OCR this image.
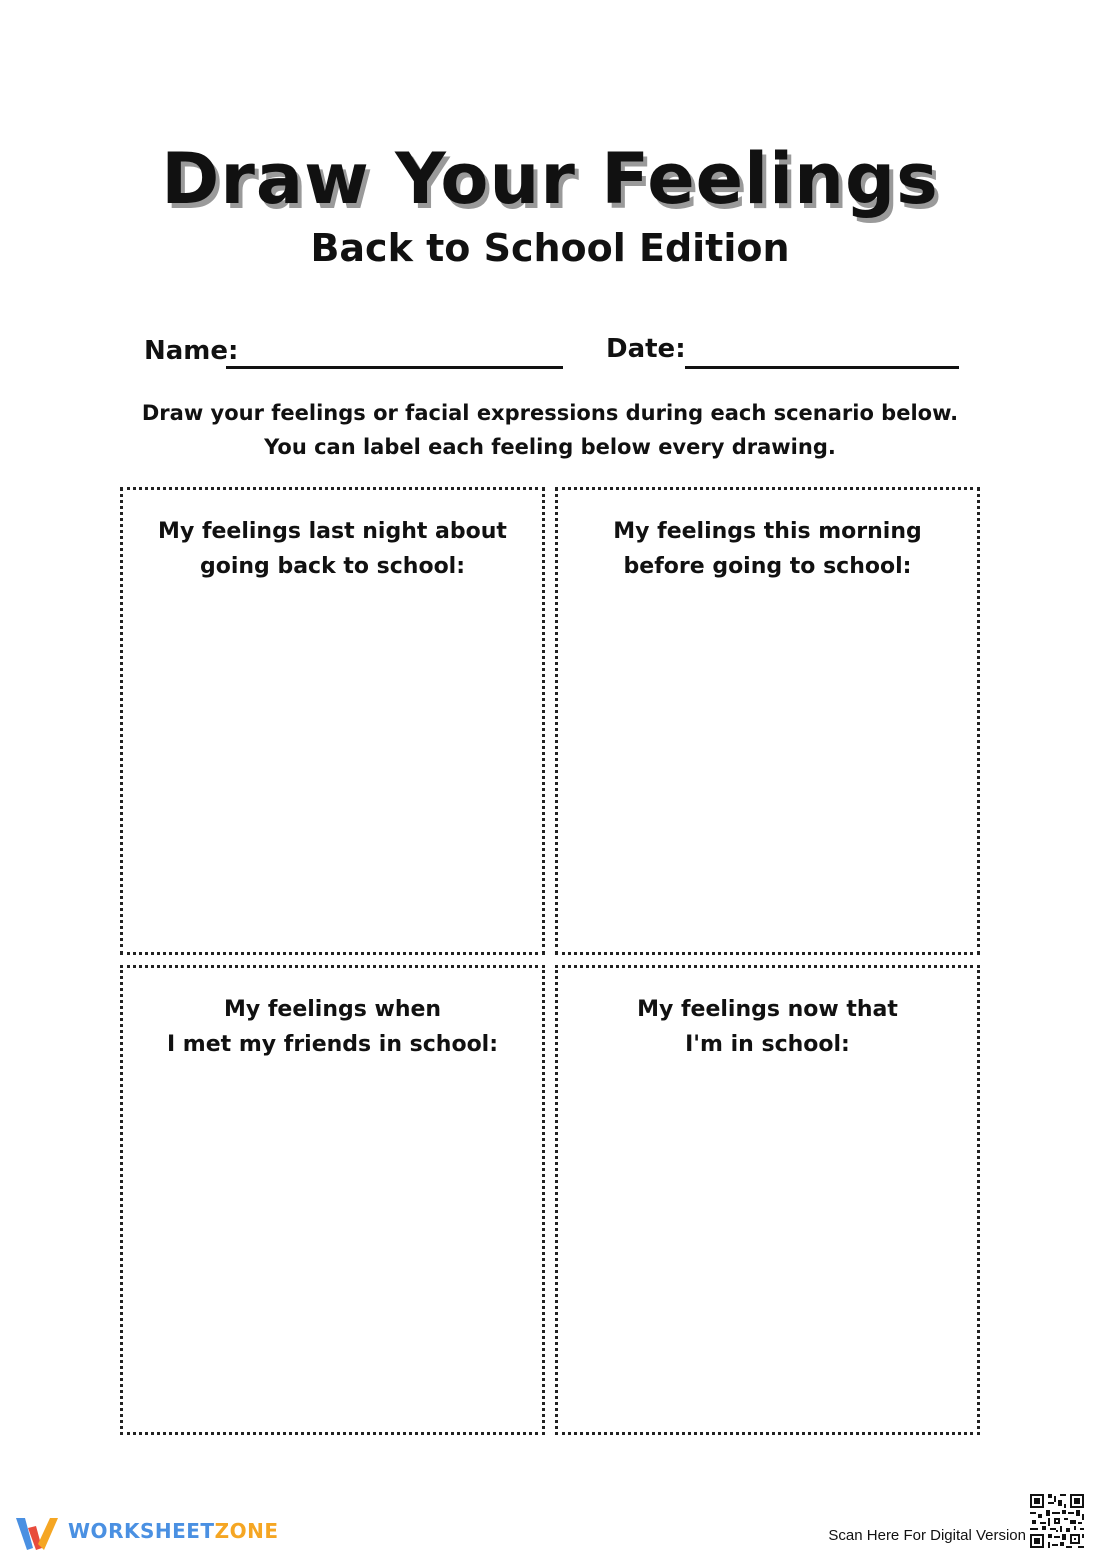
Draw Your Feelings
Back to School Edition
Name:	Date:

Draw your feelings or facial expressions during each scenario below. You can label each feeling below every drawing.

My feelings last night about
going back to school:
My feelings this morning
before going to school:
My feelings when
I met my friends in school:
My feelings now that
I'm in school:
WORKSHEETZONE	Scan Here For Digital Version
